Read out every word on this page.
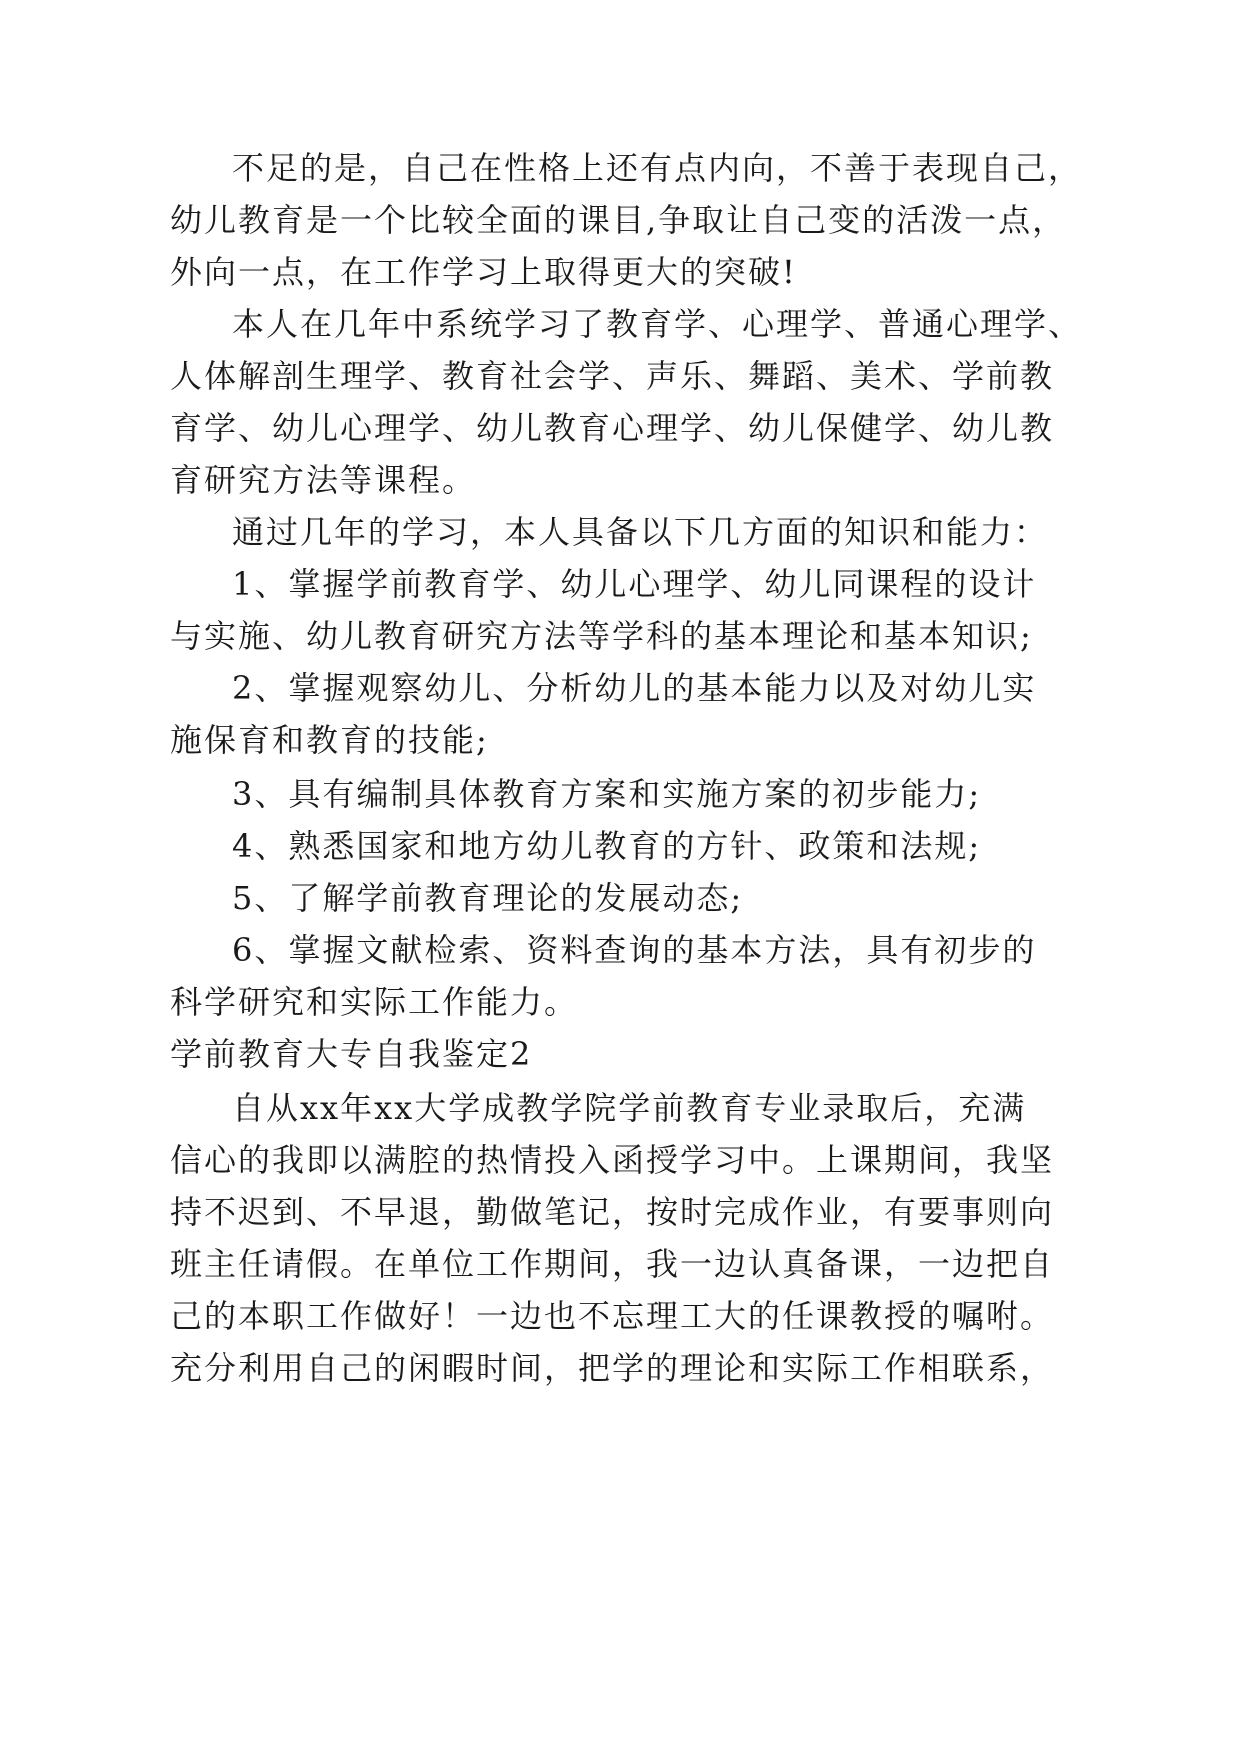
不足的是，自己在性格上还有点内向，不善于表现自己，

幼儿教育是一个比较全面的课目,争取让自己变的活泼一点，

外向一点，在工作学习上取得更大的突破!

本人在几年中系统学习了教育学、心理学、普通心理学、

人体解剖生理学、教育社会学、声乐、舞蹈、美术、学前教

育学、幼儿心理学、幼儿教育心理学、幼儿保健学、幼儿教

育研究方法等课程。

通过几年的学习，本人具备以下几方面的知识和能力：

1、掌握学前教育学、幼儿心理学、幼儿同课程的设计

与实施、幼儿教育研究方法等学科的基本理论和基本知识;

2、掌握观察幼儿、分析幼儿的基本能力以及对幼儿实

施保育和教育的技能;

3、具有编制具体教育方案和实施方案的初步能力;

4、熟悉国家和地方幼儿教育的方针、政策和法规;

5、了解学前教育理论的发展动态;

6、掌握文献检索、资料查询的基本方法，具有初步的

科学研究和实际工作能力。

学前教育大专自我鉴定2

自从xx年xx大学成教学院学前教育专业录取后，充满

信心的我即以满腔的热情投入函授学习中。上课期间，我坚

持不迟到、不早退，勤做笔记，按时完成作业，有要事则向

班主任请假。在单位工作期间，我一边认真备课，一边把自

己的本职工作做好！一边也不忘理工大的任课教授的嘱咐。

充分利用自己的闲暇时间，把学的理论和实际工作相联系，
